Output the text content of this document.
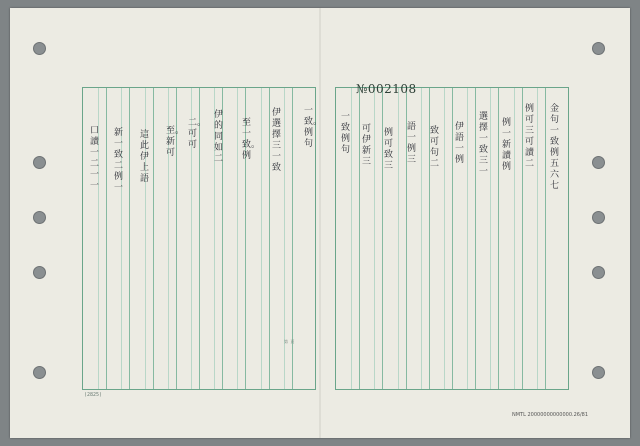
№002108
(2825)
第 頁
NMTL 20000000000000.26/81
一致。例 句
伊選擇 三 一致
至一致。例
伊的 同 如 二
二。可 可
至。新 可
這 此 伊 上 語
新 一 致 二 例 一
口 讀 一 二 一 一
金句 一致 例 五 六 七
例 可 三 可 讀 二
例 一 新 讀 例
選 擇 一 致 三 一
伊 語 一 例
致 可 句 二
語 一 例 三
例 可 致 三
可 伊 新 三
一 致 例 句
